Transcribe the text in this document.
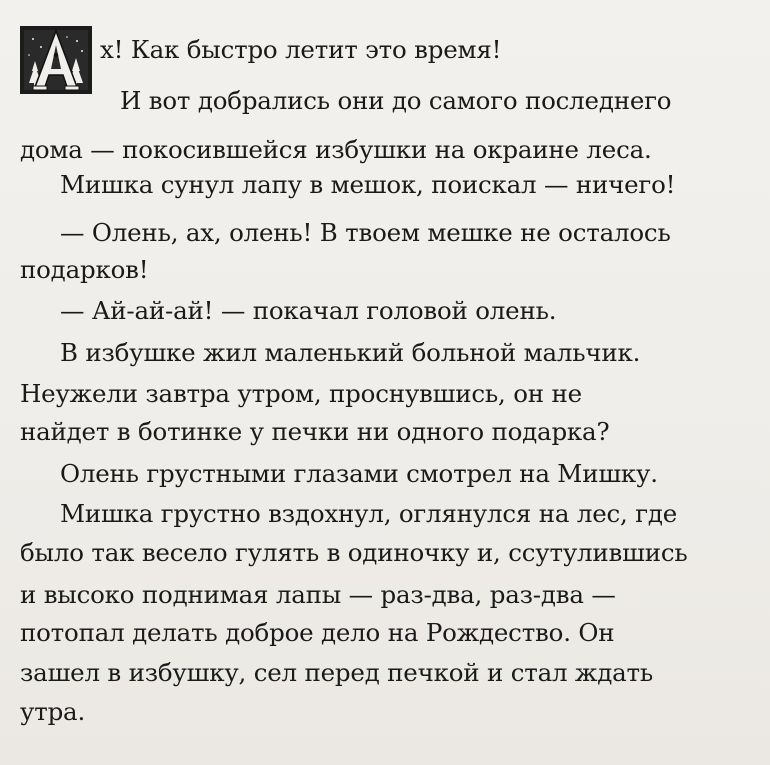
х! Как быстро летит это время!
И вот добрались они до самого последнего
дома — покосившейся избушки на окраине леса.
Мишка сунул лапу в мешок, поискал — ничего!
— Олень, ах, олень! В твоем мешке не осталось
подарков!
— Ай-ай-ай! — покачал головой олень.
В избушке жил маленький больной мальчик.
Неужели завтра утром, проснувшись, он не
найдет в ботинке у печки ни одного подарка?
Олень грустными глазами смотрел на Мишку.
Мишка грустно вздохнул, оглянулся на лес, где
было так весело гулять в одиночку и, ссутулившись
и высоко поднимая лапы — раз-два, раз-два —
потопал делать доброе дело на Рождество. Он
зашел в избушку, сел перед печкой и стал ждать
утра.
